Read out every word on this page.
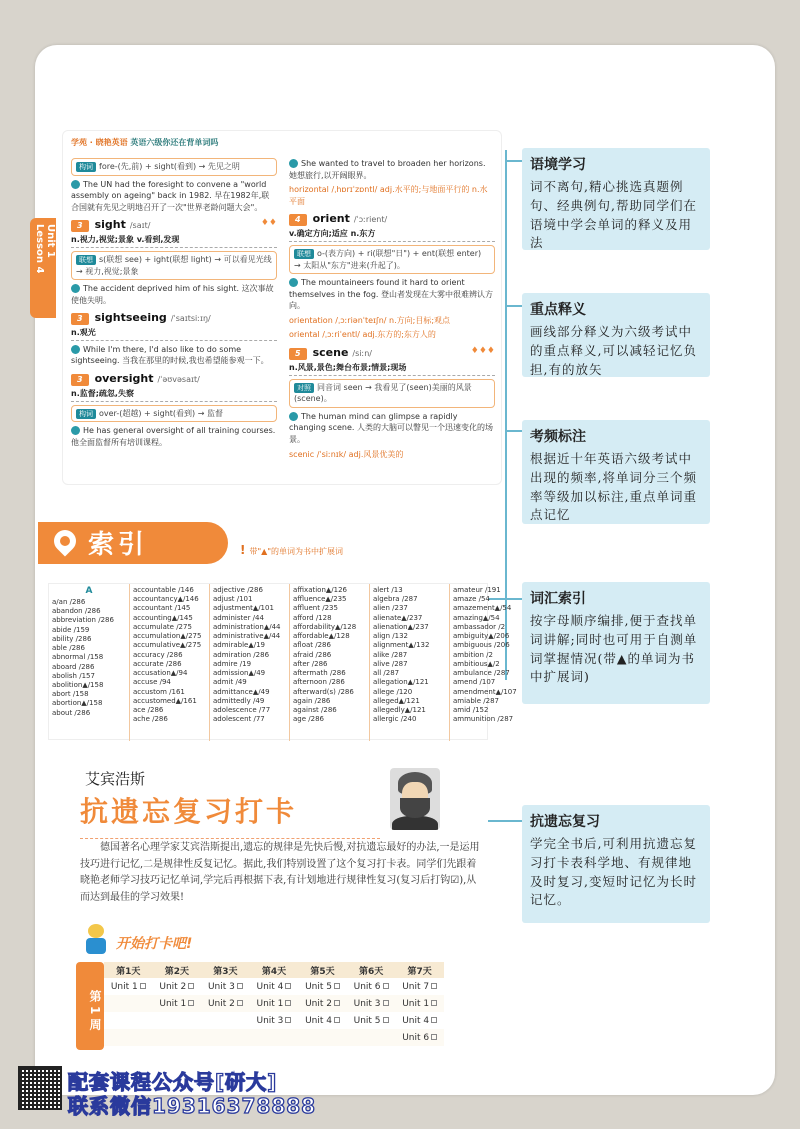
Unit 1 Lesson 4
学苑 · 晓艳英语 英语六级你还在背单词吗
构词 fore-(先,前) + sight(看到) → 先见之明
The UN had the foresight to convene a "world assembly on ageing" back in 1982. 早在1982年,联合国就有先见之明地召开了一次"世界老龄问题大会"。
3 sight /saɪt/	♦♦
n.视力,视觉;景象 v.看到,发现
联想 s(联想 see) + ight(联想 light) → 可以看见光线 → 视力,视觉;景象
The accident deprived him of his sight. 这次事故使他失明。
3 sightseeing /ˈsaɪtsiːɪŋ/
n.观光
While I'm there, I'd also like to do some sightseeing. 当我在那里的时候,我也希望能参观一下。
3 oversight /ˈəʊvəsaɪt/
n.监督;疏忽,失察
构词 over-(超越) + sight(看到) → 监督
He has general oversight of all training courses. 他全面监督所有培训课程。
She wanted to travel to broaden her horizons. 她想旅行,以开阔眼界。
horizontal /ˌhɒrɪˈzɒntl/ adj.水平的;与地面平行的 n.水平面
4 orient /ˈɔːrient/
v.确定方向;适应 n.东方
联想 o-(表方向) + ri(联想"日") + ent(联想 enter) → 太阳从"东方"进来(升起了)。
The mountaineers found it hard to orient themselves in the fog. 登山者发现在大雾中很难辨认方向。
orientation /ˌɔːriənˈteɪʃn/ n.方向;目标;观点
oriental /ˌɔːriˈentl/ adj.东方的;东方人的
5 scene /siːn/	♦♦♦
n.风景,景色;舞台布景;情景;现场
对照 同音词 seen → 我看见了(seen)美丽的风景(scene)。
The human mind can glimpse a rapidly changing scene. 人类的大脑可以瞥见一个迅速变化的场景。
scenic /ˈsiːnɪk/ adj.风景优美的
语境学习
词不离句,精心挑选真题例句、经典例句,帮助同学们在语境中学会单词的释义及用法
重点释义
画线部分释义为六级考试中的重点释义,可以减轻记忆负担,有的放矢
考频标注
根据近十年英语六级考试中出现的频率,将单词分三个频率等级加以标注,重点单词重点记忆
词汇索引
按字母顺序编排,便于查找单词讲解;同时也可用于自测单词掌握情况(带▲的单词为书中扩展词)
抗遗忘复习
学完全书后,可利用抗遗忘复习打卡表科学地、有规律地及时复习,变短时记忆为长时记忆。
索引	! 带"▲"的单词为书中扩展词
A
a/an /286
abandon /286
abbreviation /286
abide /159
ability /286
able /286
abnormal /158
aboard /286
abolish /157
abolition▲/158
abort /158
abortion▲/158
about /286
accountable /146
accountancy▲/146
accountant /145
accounting▲/145
accumulate /275
accumulation▲/275
accumulative▲/275
accuracy /286
accurate /286
accusation▲/94
accuse /94
accustom /161
accustomed▲/161
ace /286
ache /286
adjective /286
adjust /101
adjustment▲/101
administer /44
administration▲/44
administrative▲/44
admirable▲/19
admiration /286
admire /19
admission▲/49
admit /49
admittance▲/49
admittedly /49
adolescence /77
adolescent /77
affixation▲/126
affluence▲/235
affluent /235
afford /128
affordability▲/128
affordable▲/128
afloat /286
afraid /286
after /286
aftermath /286
afternoon /286
afterward(s) /286
again /286
against /286
age /286
alert /13
algebra /287
alien /237
alienate▲/237
alienation▲/237
align /132
alignment▲/132
alike /287
alive /287
all /287
allegation▲/121
allege /120
alleged▲/121
allegedly▲/121
allergic /240
amateur /191
amaze /54
amazement▲/54
amazing▲/54
ambassador /2
ambiguity▲/206
ambiguous /206
ambition /2
ambitious▲/2
ambulance /287
amend /107
amendment▲/107
amiable /287
amid /152
ammunition /287
艾宾浩斯
抗遗忘复习打卡
德国著名心理学家艾宾浩斯提出,遗忘的规律是先快后慢,对抗遗忘最好的办法,一是运用技巧进行记忆,二是规律性反复记忆。据此,我们特别设置了这个复习打卡表。同学们先跟着晓艳老师学习技巧记忆单词,学完后再根据下表,有计划地进行规律性复习(复习后打钩☑),从而达到最佳的学习效果!
开始打卡吧!
第1周
第1天	第2天	第3天	第4天	第5天	第6天	第7天
Unit 1	Unit 2	Unit 3	Unit 4	Unit 5	Unit 6	Unit 7
	Unit 1	Unit 2	Unit 1	Unit 2	Unit 3	Unit 1
			Unit 3	Unit 4	Unit 5	Unit 4
						Unit 6
配套课程公众号[研大]
联系微信19316378888
